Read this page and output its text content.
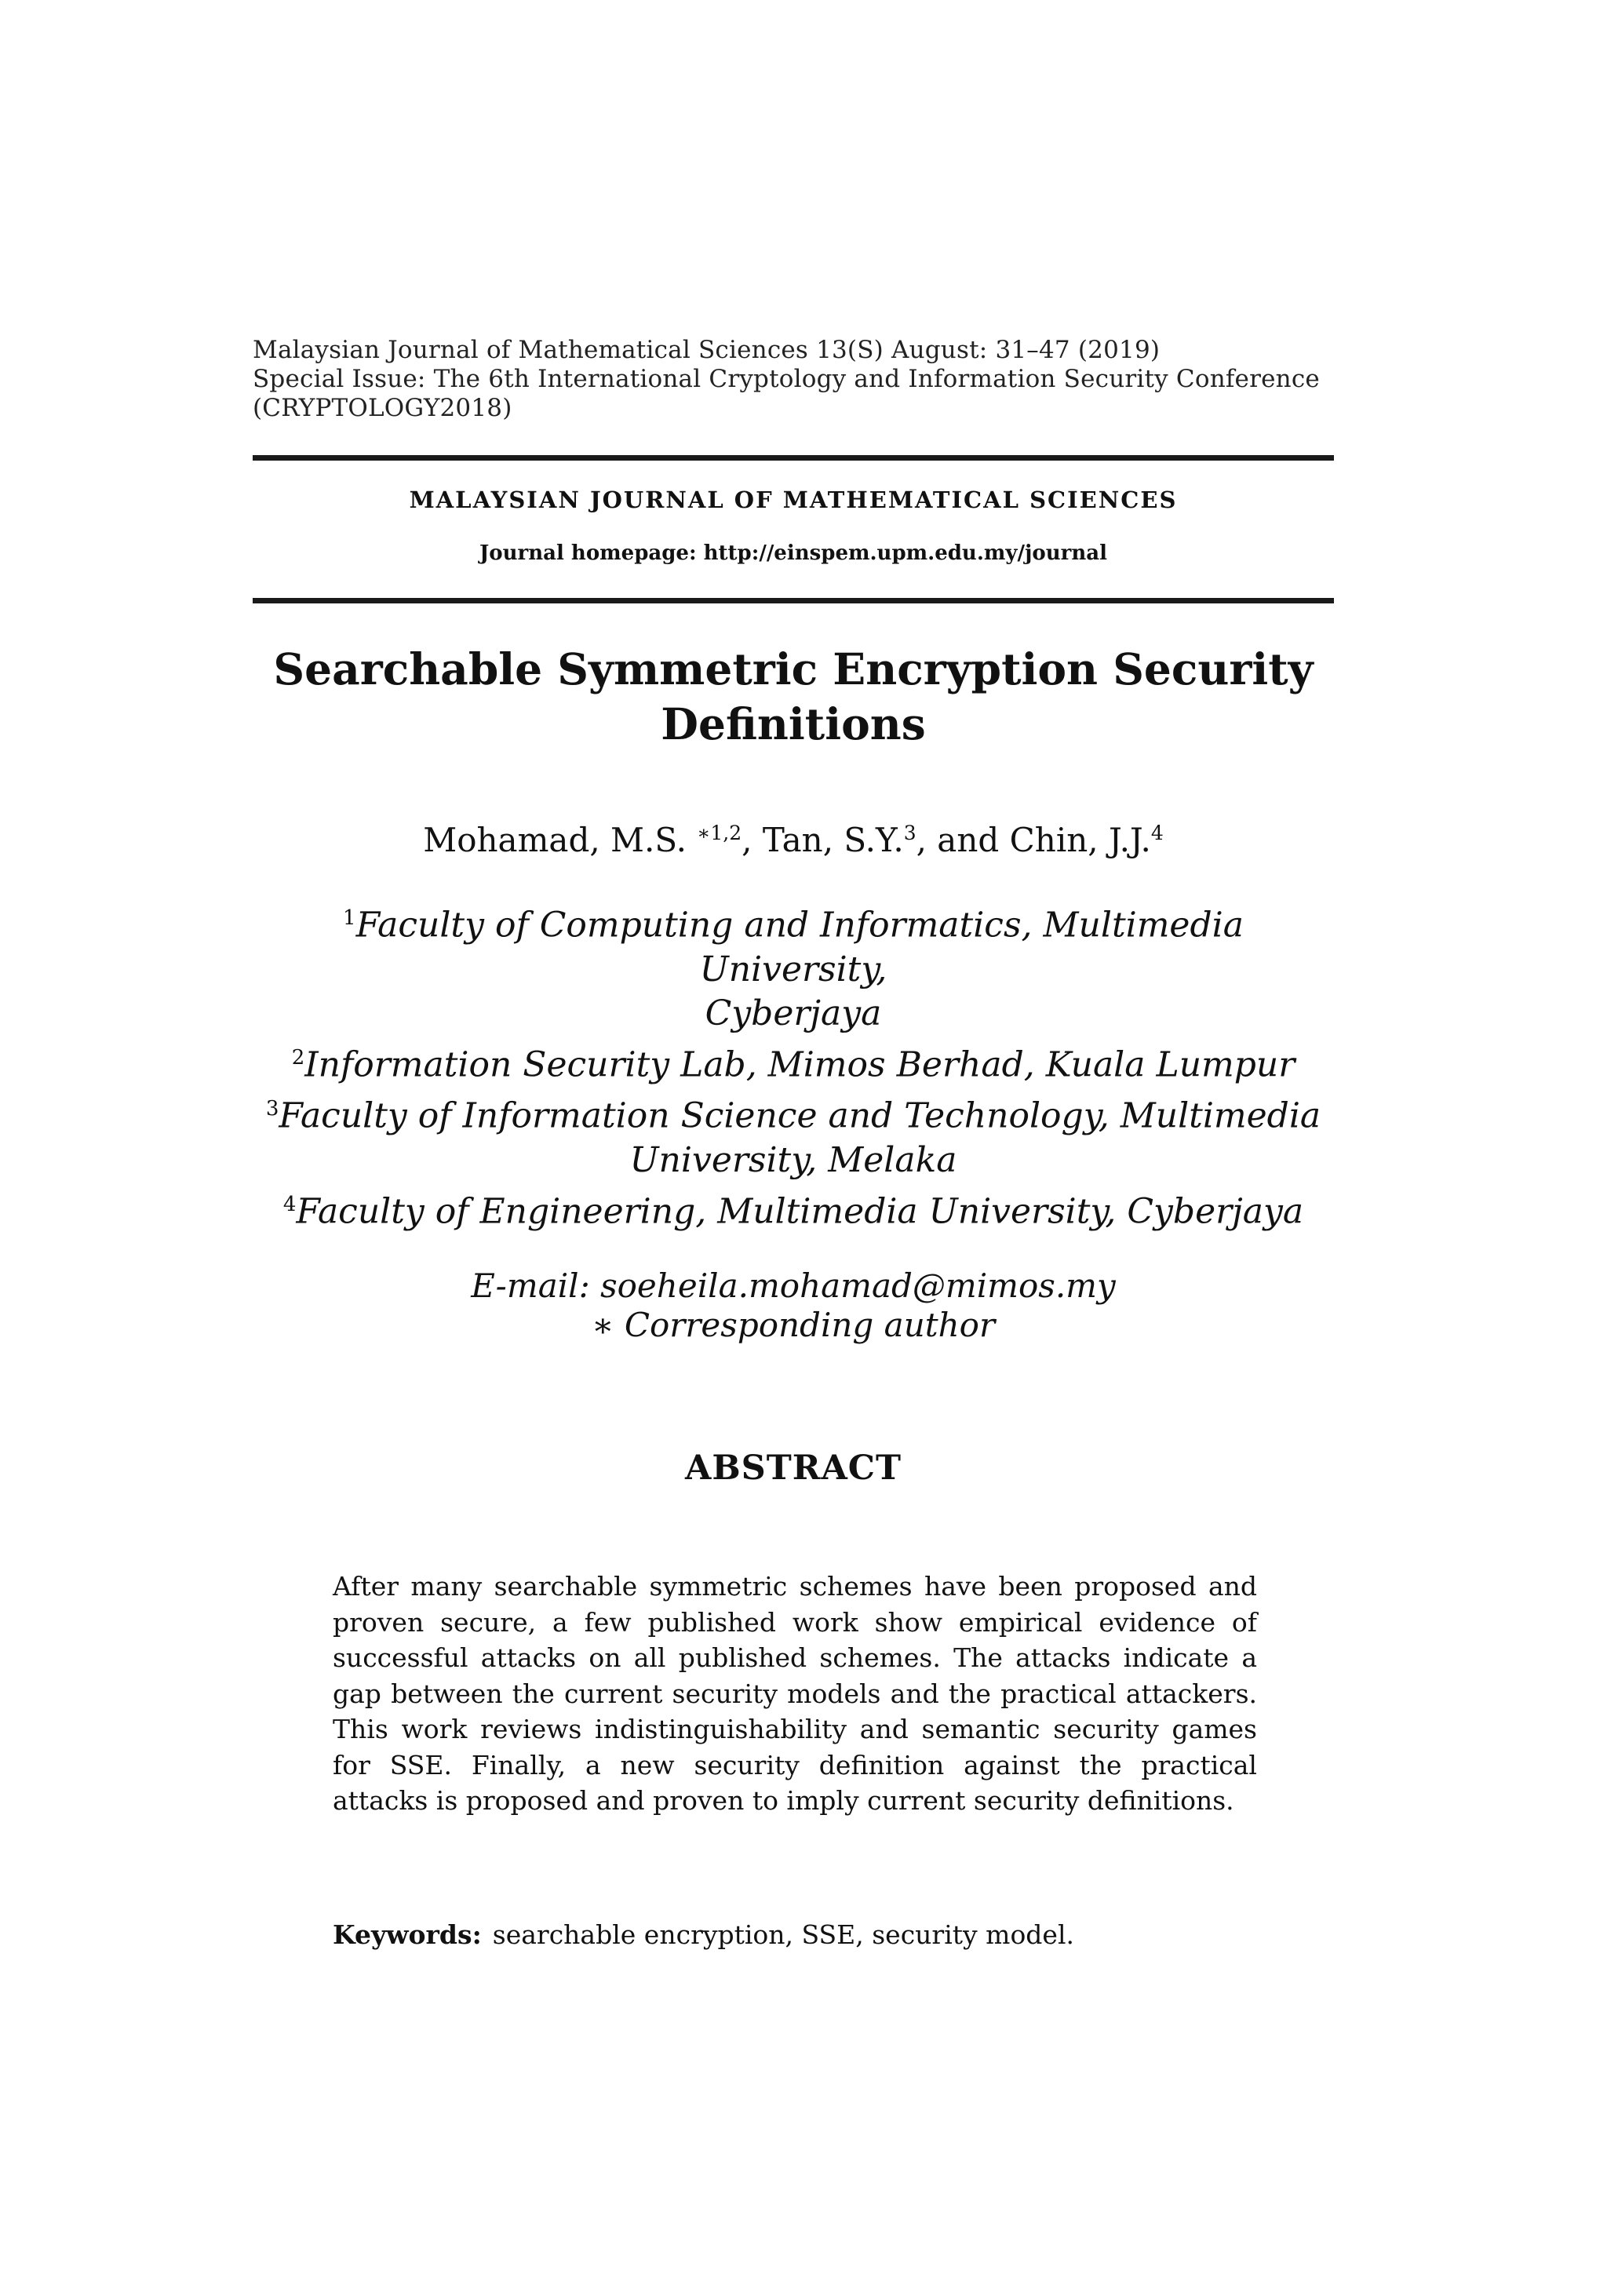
Malaysian Journal of Mathematical Sciences 13(S) August: 31–47 (2019)
Special Issue: The 6th International Cryptology and Information Security Conference
(CRYPTOLOGY2018)
MALAYSIAN JOURNAL OF MATHEMATICAL SCIENCES
Journal homepage: http://einspem.upm.edu.my/journal
Searchable Symmetric Encryption Security
Definitions
Mohamad, M.S. $^{∗1,2}$, Tan, S.Y.$^3$, and Chin, J.J.$^4$
$^1$Faculty of Computing and Informatics, Multimedia University,
Cyberjaya
$^2$Information Security Lab, Mimos Berhad, Kuala Lumpur
$^3$Faculty of Information Science and Technology, Multimedia
University, Melaka
$^4$Faculty of Engineering, Multimedia University, Cyberjaya
E-mail: soeheila.mohamad@mimos.my
∗ Corresponding author
ABSTRACT
After many searchable symmetric schemes have been proposed and proven secure, a few published work show empirical evidence of successful attacks on all published schemes. The attacks indicate a gap between the current security models and the practical attackers. This work reviews indistinguishability and semantic security games for SSE. Finally, a new security definition against the practical attacks is proposed and proven to imply current security definitions.
Keywords: searchable encryption, SSE, security model.
